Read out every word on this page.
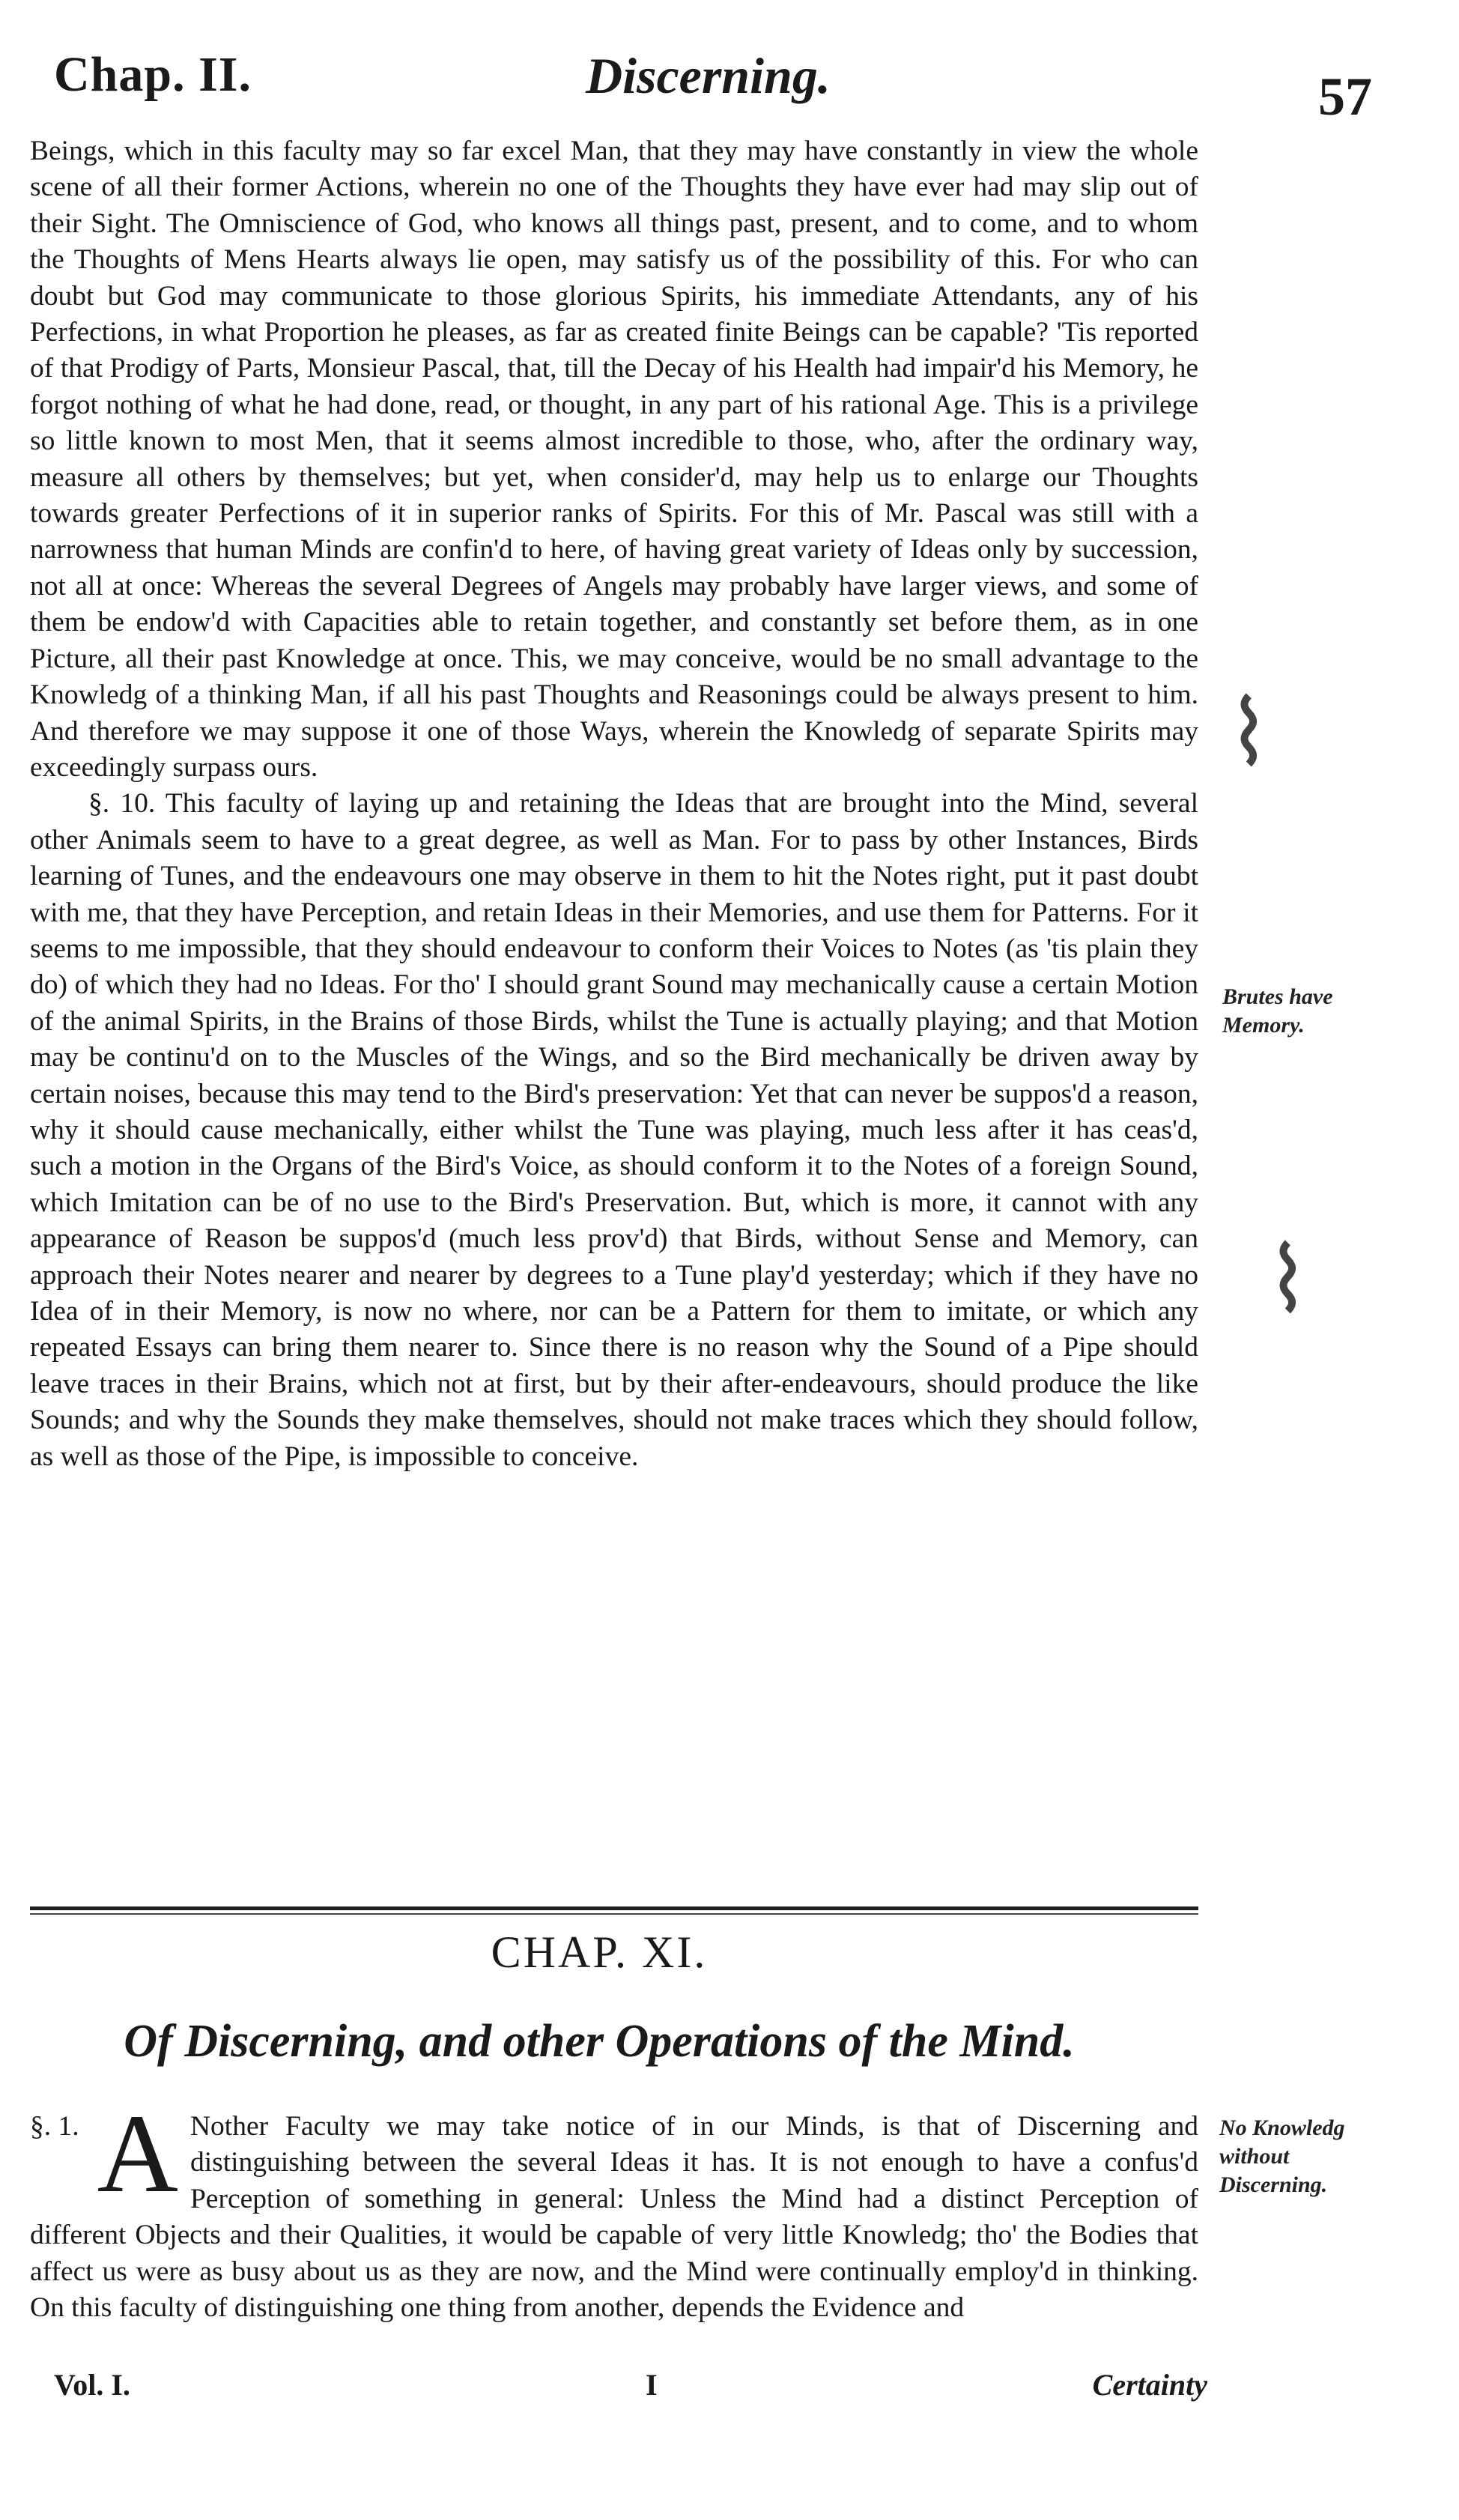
Chap. II.	Discerning.	57

Beings, which in this faculty may so far excel Man, that they may have constantly in view the whole scene of all their former Actions, wherein no one of the Thoughts they have ever had may slip out of their Sight. The Omniscience of God, who knows all things past, present, and to come, and to whom the Thoughts of Mens Hearts always lie open, may satisfy us of the possibility of this. For who can doubt but God may communicate to those glorious Spirits, his immediate Attendants, any of his Perfections, in what Proportion he pleases, as far as created finite Beings can be capable? 'Tis reported of that Prodigy of Parts, Monsieur Pascal, that, till the Decay of his Health had impair'd his Memory, he forgot nothing of what he had done, read, or thought, in any part of his rational Age. This is a privilege so little known to most Men, that it seems almost incredible to those, who, after the ordinary way, measure all others by themselves; but yet, when consider'd, may help us to enlarge our Thoughts towards greater Perfections of it in superior ranks of Spirits. For this of Mr. Pascal was still with a narrowness that human Minds are confin'd to here, of having great variety of Ideas only by succession, not all at once: Whereas the several Degrees of Angels may probably have larger views, and some of them be endow'd with Capacities able to retain together, and constantly set before them, as in one Picture, all their past Knowledge at once. This, we may conceive, would be no small advantage to the Knowledg of a thinking Man, if all his past Thoughts and Reasonings could be always present to him. And therefore we may suppose it one of those Ways, wherein the Knowledg of separate Spirits may exceedingly surpass ours.

§. 10. This faculty of laying up and retaining the Ideas that are brought into the Mind, several other Animals seem to have to a great degree, as well as Man. For to pass by other Instances, Birds learning of Tunes, and the endeavours one may observe in them to hit the Notes right, put it past doubt with me, that they have Perception, and retain Ideas in their Memories, and use them for Patterns. For it seems to me impossible, that they should endeavour to conform their Voices to Notes (as 'tis plain they do) of which they had no Ideas. For tho' I should grant Sound may mechanically cause a certain Motion of the animal Spirits, in the Brains of those Birds, whilst the Tune is actually playing; and that Motion may be continu'd on to the Muscles of the Wings, and so the Bird mechanically be driven away by certain noises, because this may tend to the Bird's preservation: Yet that can never be suppos'd a reason, why it should cause mechanically, either whilst the Tune was playing, much less after it has ceas'd, such a motion in the Organs of the Bird's Voice, as should conform it to the Notes of a foreign Sound, which Imitation can be of no use to the Bird's Preservation. But, which is more, it cannot with any appearance of Reason be suppos'd (much less prov'd) that Birds, without Sense and Memory, can approach their Notes nearer and nearer by degrees to a Tune play'd yesterday; which if they have no Idea of in their Memory, is now no where, nor can be a Pattern for them to imitate, or which any repeated Essays can bring them nearer to. Since there is no reason why the Sound of a Pipe should leave traces in their Brains, which not at first, but by their after-endeavours, should produce the like Sounds; and why the Sounds they make themselves, should not make traces which they should follow, as well as those of the Pipe, is impossible to conceive.

Brutes have Memory.
⌇
⌇
CHAP. XI.
Of Discerning, and other Operations of the Mind.
§. 1. A Nother Faculty we may take notice of in our Minds, is that of Discerning and distinguishing between the several Ideas it has. It is not enough to have a confus'd Perception of something in general: Unless the Mind had a distinct Perception of different Objects and their Qualities, it would be capable of very little Knowledg; tho' the Bodies that affect us were as busy about us as they are now, and the Mind were continually employ'd in thinking. On this faculty of distinguishing one thing from another, depends the Evidence and
No Knowledg without Discerning.
Vol. I.	I	Certainty
